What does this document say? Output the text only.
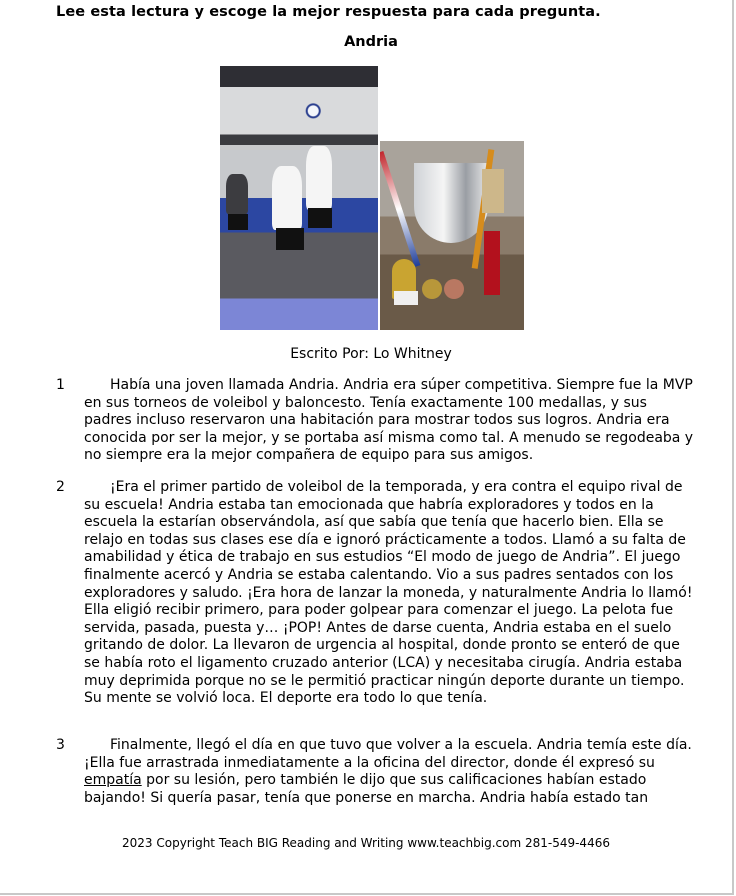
Lee esta lectura y escoge la mejor respuesta para cada pregunta.
Andria
Escrito Por: Lo Whitney
1	Había una joven llamada Andria. Andria era súper competitiva. Siempre fue la MVP en sus torneos de voleibol y baloncesto. Tenía exactamente 100 medallas, y sus padres incluso reservaron una habitación para mostrar todos sus logros. Andria era conocida por ser la mejor, y se portaba así misma como tal. A menudo se regodeaba y no siempre era la mejor compañera de equipo para sus amigos.
2	¡Era el primer partido de voleibol de la temporada, y era contra el equipo rival de su escuela! Andria estaba tan emocionada que habría exploradores y todos en la escuela la estarían observándola, así que sabía que tenía que hacerlo bien. Ella se relajo en todas sus clases ese día e ignoró prácticamente a todos. Llamó a su falta de amabilidad y ética de trabajo en sus estudios “El modo de juego de Andria”. El juego finalmente acercó y Andria se estaba calentando. Vio a sus padres sentados con los exploradores y saludo. ¡Era hora de lanzar la moneda, y naturalmente Andria lo llamó! Ella eligió recibir primero, para poder golpear para comenzar el juego. La pelota fue servida, pasada, puesta y… ¡POP! Antes de darse cuenta, Andria estaba en el suelo gritando de dolor. La llevaron de urgencia al hospital, donde pronto se enteró de que se había roto el ligamento cruzado anterior (LCA) y necesitaba cirugía. Andria estaba muy deprimida porque no se le permitió practicar ningún deporte durante un tiempo. Su mente se volvió loca. El deporte era todo lo que tenía.
3	Finalmente, llegó el día en que tuvo que volver a la escuela. Andria temía este día. ¡Ella fue arrastrada inmediatamente a la oficina del director, donde él expresó su empatía por su lesión, pero también le dijo que sus calificaciones habían estado bajando! Si quería pasar, tenía que ponerse en marcha. Andria había estado tan
2023 Copyright Teach BIG Reading and Writing www.teachbig.com 281-549-4466
